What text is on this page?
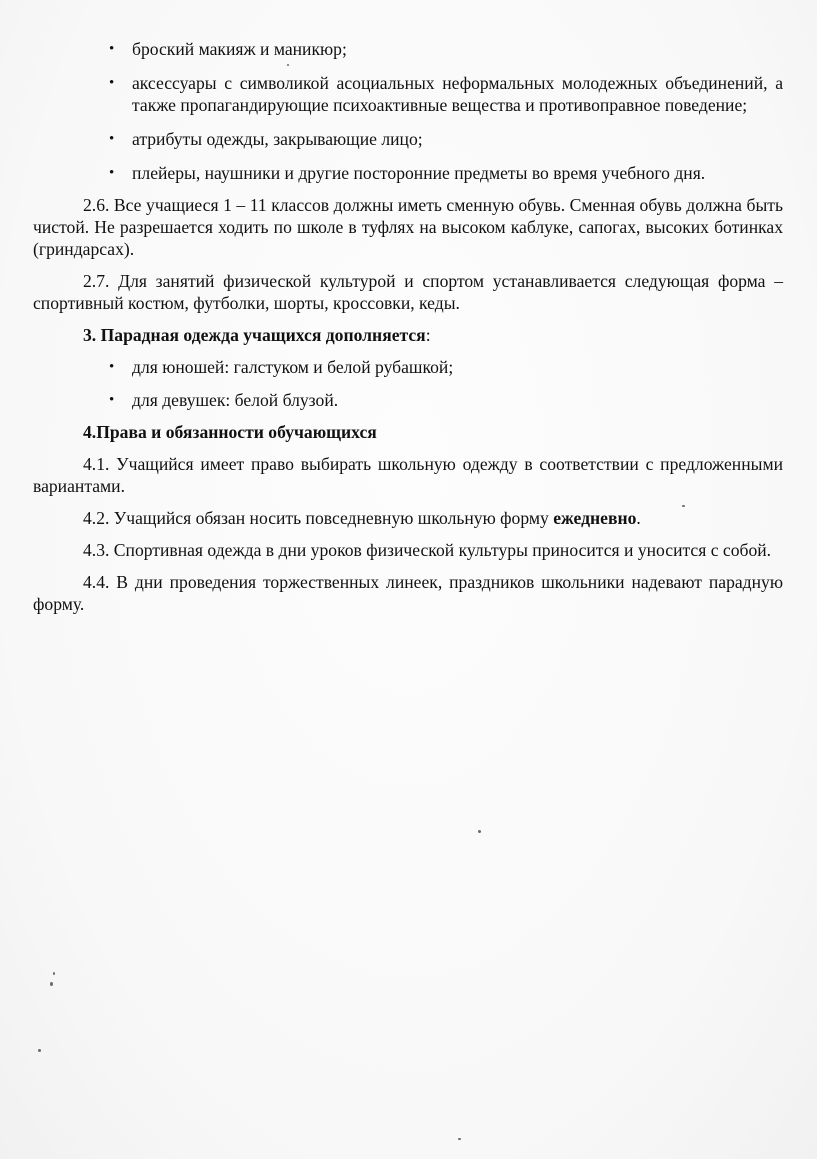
• броский макияж и маникюр;
• аксессуары с символикой асоциальных неформальных молодежных объединений, а также пропагандирующие психоактивные вещества и противоправное поведение;
• атрибуты одежды, закрывающие лицо;
• плейеры, наушники и другие посторонние предметы во время учебного дня.

2.6. Все учащиеся 1 – 11 классов должны иметь сменную обувь. Сменная обувь должна быть чистой. Не разрешается ходить по школе в туфлях на высоком каблуке, сапогах, высоких ботинках (гриндарсах).

2.7. Для занятий физической культурой и спортом устанавливается следующая форма – спортивный костюм, футболки, шорты, кроссовки, кеды.

3. Парадная одежда учащихся дополняется:
• для юношей: галстуком и белой рубашкой;
• для девушек: белой блузой.

4.Права и обязанности обучающихся

4.1. Учащийся имеет право выбирать школьную одежду в соответствии с предложенными вариантами.

4.2. Учащийся обязан носить повседневную школьную форму ежедневно.

4.3. Спортивная одежда в дни уроков физической культуры приносится и уносится с собой.

4.4. В дни проведения торжественных линеек, праздников школьники надевают парадную форму.
